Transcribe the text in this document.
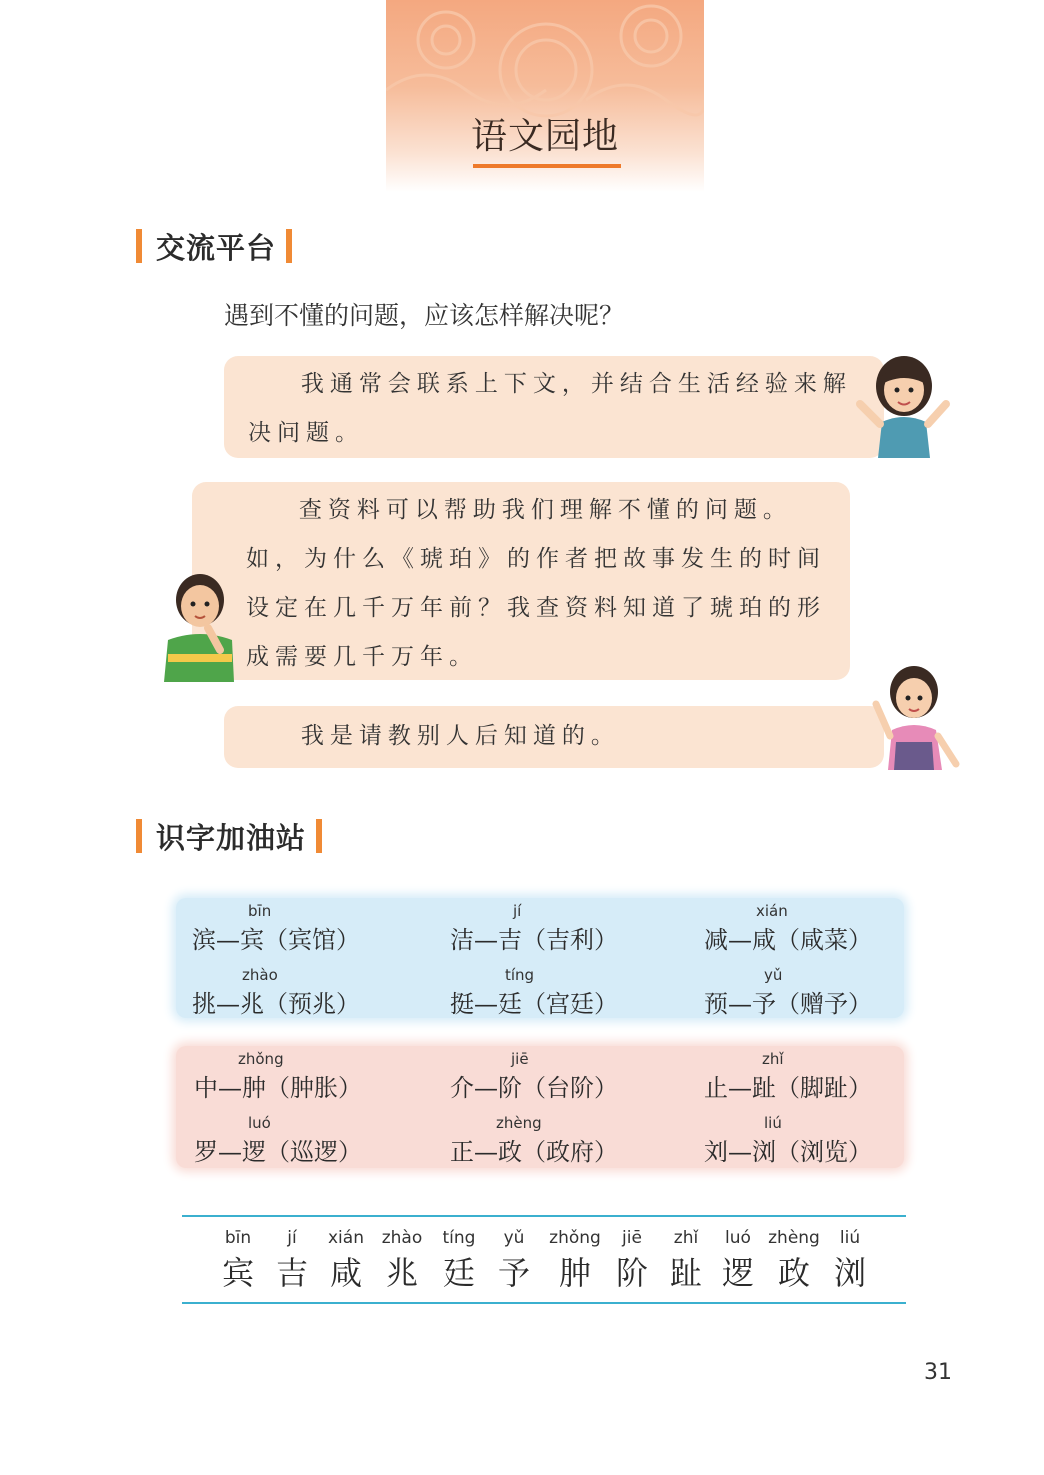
语文园地
交流平台
遇到不懂的问题，应该怎样解决呢？

我通常会联系上下文，并结合生活经验来解决问题。

查资料可以帮助我们理解不懂的问题。如，为什么《琥珀》的作者把故事发生的时间设定在几千万年前？我查资料知道了琥珀的形成需要几千万年。

我是请教别人后知道的。

识字加油站
bīn
滨—宾（宾馆）
jí
洁—吉（吉利）
xián
减—咸（咸菜）
zhào
挑—兆（预兆）
tíng
挺—廷（宫廷）
yǔ
预—予（赠予）
zhǒng
中—肿（肿胀）
jiē
介—阶（台阶）
zhǐ
止—趾（脚趾）
luó
罗—逻（巡逻）
zhèng
正—政（政府）
liú
刘—浏（浏览）
bīn
宾
jí
吉
xián
咸
zhào
兆
tíng
廷
yǔ
予
zhǒng
肿
jiē
阶
zhǐ
趾
luó
逻
zhèng
政
liú
浏
31
